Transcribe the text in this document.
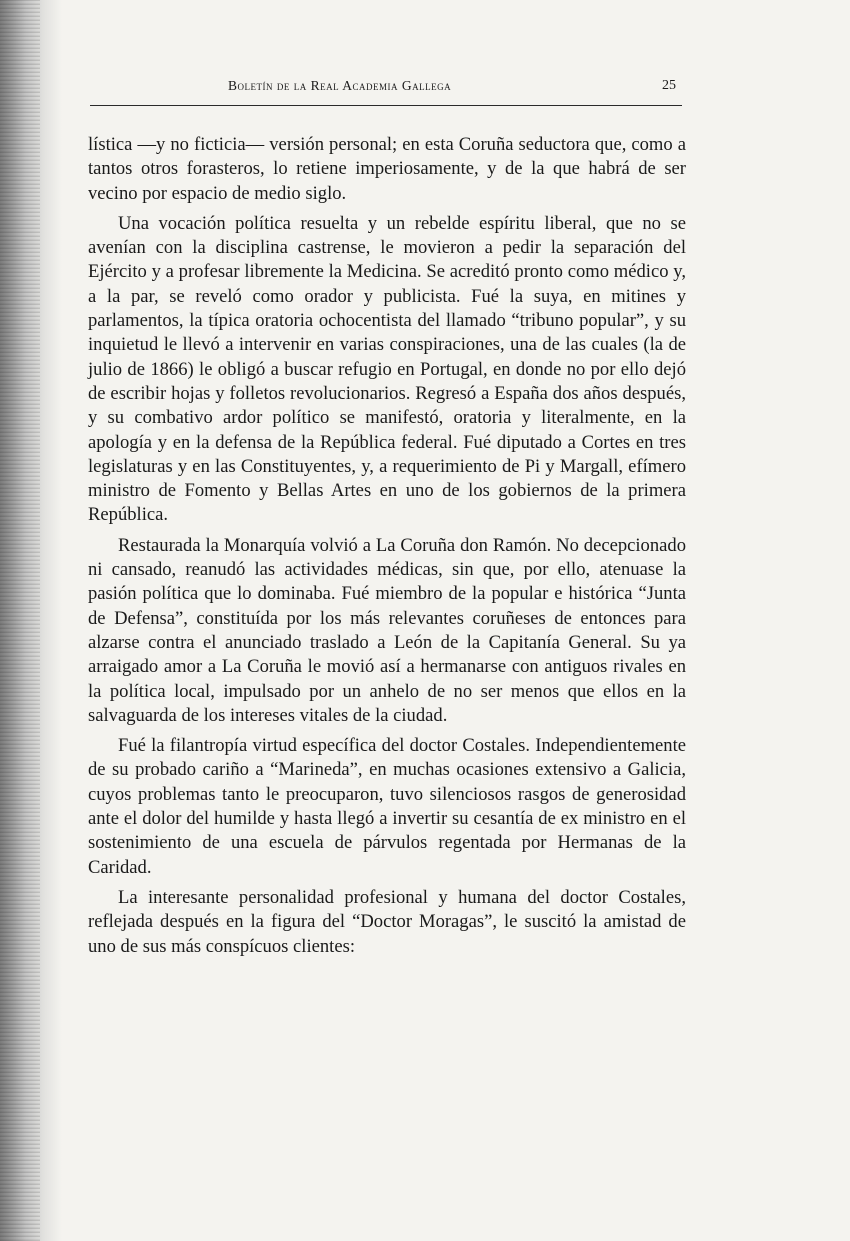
Boletín de la Real Academia Gallega	25

lística —y no ficticia— versión personal; en esta Coruña seductora que, como a tantos otros forasteros, lo retiene imperiosamente, y de la que habrá de ser vecino por espacio de medio siglo.

Una vocación política resuelta y un rebelde espíritu liberal, que no se avenían con la disciplina castrense, le movieron a pedir la separación del Ejército y a profesar libremente la Medicina. Se acreditó pronto como médico y, a la par, se reveló como orador y publicista. Fué la suya, en mitines y parlamentos, la típica oratoria ochocentista del llamado “tribuno popular”, y su inquietud le llevó a intervenir en varias conspiraciones, una de las cuales (la de julio de 1866) le obligó a buscar refugio en Portugal, en donde no por ello dejó de escribir hojas y folletos revolucionarios. Regresó a España dos años después, y su combativo ardor político se manifestó, oratoria y literalmente, en la apología y en la defensa de la República federal. Fué diputado a Cortes en tres legislaturas y en las Constituyentes, y, a requerimiento de Pi y Margall, efímero ministro de Fomento y Bellas Artes en uno de los gobiernos de la primera República.

Restaurada la Monarquía volvió a La Coruña don Ramón. No decepcionado ni cansado, reanudó las actividades médicas, sin que, por ello, atenuase la pasión política que lo dominaba. Fué miembro de la popular e histórica “Junta de Defensa”, constituída por los más relevantes coruñeses de entonces para alzarse contra el anunciado traslado a León de la Capitanía General. Su ya arraigado amor a La Coruña le movió así a hermanarse con antiguos rivales en la política local, impulsado por un anhelo de no ser menos que ellos en la salvaguarda de los intereses vitales de la ciudad.

Fué la filantropía virtud específica del doctor Costales. Independientemente de su probado cariño a “Marineda”, en muchas ocasiones extensivo a Galicia, cuyos problemas tanto le preocuparon, tuvo silenciosos rasgos de generosidad ante el dolor del humilde y hasta llegó a invertir su cesantía de ex ministro en el sostenimiento de una escuela de párvulos regentada por Hermanas de la Caridad.

La interesante personalidad profesional y humana del doctor Costales, reflejada después en la figura del “Doctor Moragas”, le suscitó la amistad de uno de sus más conspícuos clientes:
